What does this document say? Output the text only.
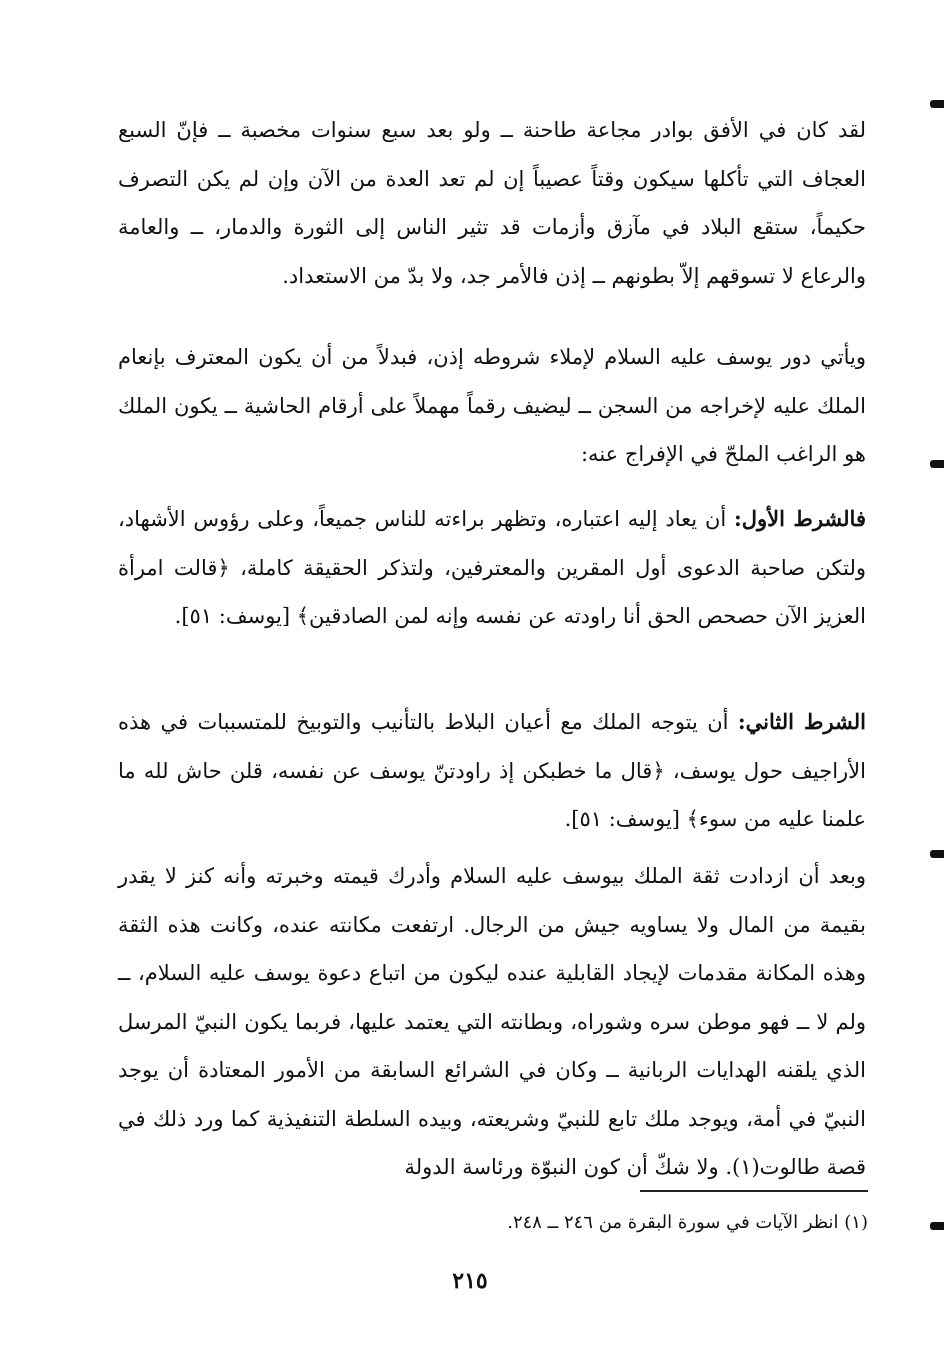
لقد كان في الأفق بوادر مجاعة طاحنة ــ ولو بعد سبع سنوات مخصبة ــ فإنّ السبع العجاف التي تأكلها سيكون وقتاً عصيباً إن لم تعد العدة من الآن وإن لم يكن التصرف حكيماً، ستقع البلاد في مآزق وأزمات قد تثير الناس إلى الثورة والدمار، ــ والعامة والرعاع لا تسوقهم إلاّ بطونهم ــ إذن فالأمر جد، ولا بدّ من الاستعداد.

ويأتي دور يوسف عليه السلام لإملاء شروطه إذن، فبدلاً من أن يكون المعترف بإنعام الملك عليه لإخراجه من السجن ــ ليضيف رقماً مهملاً على أرقام الحاشية ــ يكون الملك هو الراغب الملحّ في الإفراج عنه:

فالشرط الأول: أن يعاد إليه اعتباره، وتظهر براءته للناس جميعاً، وعلى رؤوس الأشهاد، ولتكن صاحبة الدعوى أول المقرين والمعترفين، ولتذكر الحقيقة كاملة، ﴿قالت امرأة العزيز الآن حصحص الحق أنا راودته عن نفسه وإنه لمن الصادقين﴾ [يوسف: ٥١].

الشرط الثاني: أن يتوجه الملك مع أعيان البلاط بالتأنيب والتوبيخ للمتسببات في هذه الأراجيف حول يوسف، ﴿قال ما خطبكن إذ راودتنّ يوسف عن نفسه، قلن حاش لله ما علمنا عليه من سوء﴾ [يوسف: ٥١].

وبعد أن ازدادت ثقة الملك بيوسف عليه السلام وأدرك قيمته وخبرته وأنه كنز لا يقدر بقيمة من المال ولا يساويه جيش من الرجال. ارتفعت مكانته عنده، وكانت هذه الثقة وهذه المكانة مقدمات لإيجاد القابلية عنده ليكون من اتباع دعوة يوسف عليه السلام، ــ ولم لا ــ فهو موطن سره وشوراه، وبطانته التي يعتمد عليها، فربما يكون النبيّ المرسل الذي يلقنه الهدايات الربانية ــ وكان في الشرائع السابقة من الأمور المعتادة أن يوجد النبيّ في أمة، ويوجد ملك تابع للنبيّ وشريعته، وبيده السلطة التنفيذية كما ورد ذلك في قصة طالوت(١). ولا شكّ أن كون النبوّة ورئاسة الدولة

(١) انظر الآيات في سورة البقرة من ٢٤٦ ــ ٢٤٨.
٢١٥
